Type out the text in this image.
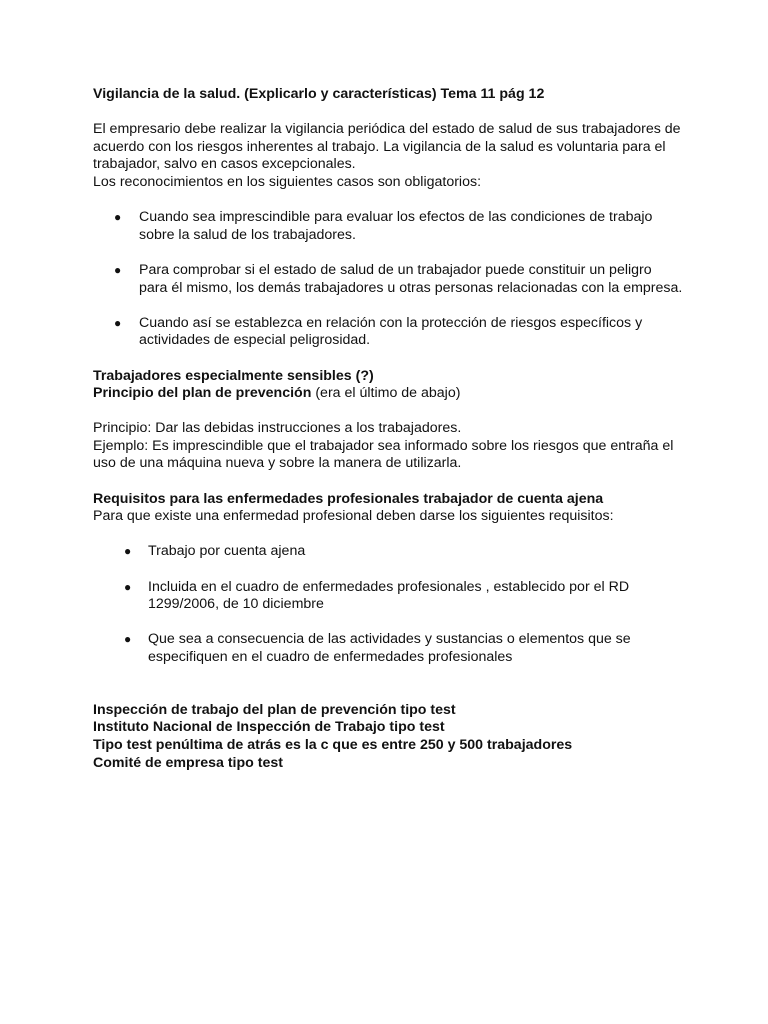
Vigilancia de la salud. (Explicarlo y características) Tema 11 pág 12

El empresario debe realizar la vigilancia periódica del estado de salud de sus trabajadores de acuerdo con los riesgos inherentes al trabajo. La vigilancia de la salud es voluntaria para el trabajador, salvo en casos excepcionales.

Los reconocimientos en los siguientes casos son obligatorios:

● Cuando sea imprescindible para evaluar los efectos de las condiciones de trabajo sobre la salud de los trabajadores.
● Para comprobar si el estado de salud de un trabajador puede constituir un peligro para él mismo, los demás trabajadores u otras personas relacionadas con la empresa.
● Cuando así se establezca en relación con la protección de riesgos específicos y actividades de especial peligrosidad.

Trabajadores especialmente sensibles (?)

Principio del plan de prevención (era el último de abajo)

Principio: Dar las debidas instrucciones a los trabajadores.

Ejemplo: Es imprescindible que el trabajador sea informado sobre los riesgos que entraña el uso de una máquina nueva y sobre la manera de utilizarla.

Requisitos para las enfermedades profesionales trabajador de cuenta ajena

Para que existe una enfermedad profesional deben darse los siguientes requisitos:

● Trabajo por cuenta ajena
● Incluida en el cuadro de enfermedades profesionales , establecido por el RD 1299/2006, de 10 diciembre
● Que sea a consecuencia de las actividades y sustancias o elementos que se especifiquen en el cuadro de enfermedades profesionales

Inspección de trabajo del plan de prevención tipo test

Instituto Nacional de Inspección de Trabajo tipo test

Tipo test penúltima de atrás es la c que es entre 250 y 500 trabajadores

Comité de empresa tipo test
